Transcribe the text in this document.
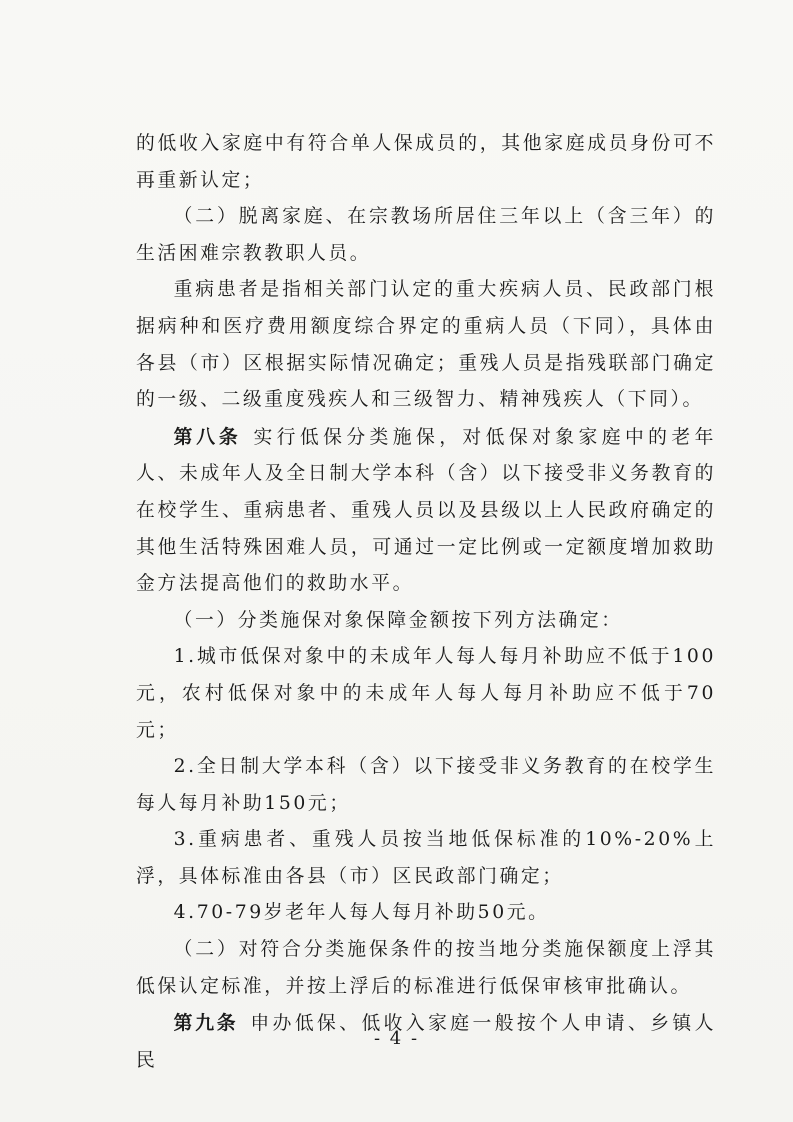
的低收入家庭中有符合单人保成员的，其他家庭成员身份可不再重新认定；

（二）脱离家庭、在宗教场所居住三年以上（含三年）的生活困难宗教教职人员。

重病患者是指相关部门认定的重大疾病人员、民政部门根据病种和医疗费用额度综合界定的重病人员（下同），具体由各县（市）区根据实际情况确定；重残人员是指残联部门确定的一级、二级重度残疾人和三级智力、精神残疾人（下同）。

第八条 实行低保分类施保，对低保对象家庭中的老年人、未成年人及全日制大学本科（含）以下接受非义务教育的在校学生、重病患者、重残人员以及县级以上人民政府确定的其他生活特殊困难人员，可通过一定比例或一定额度增加救助金方法提高他们的救助水平。

（一）分类施保对象保障金额按下列方法确定：

1.城市低保对象中的未成年人每人每月补助应不低于100元，农村低保对象中的未成年人每人每月补助应不低于70元；

2.全日制大学本科（含）以下接受非义务教育的在校学生每人每月补助150元；

3.重病患者、重残人员按当地低保标准的10%-20%上浮，具体标准由各县（市）区民政部门确定；

4.70-79岁老年人每人每月补助50元。

（二）对符合分类施保条件的按当地分类施保额度上浮其低保认定标准，并按上浮后的标准进行低保审核审批确认。

第九条 申办低保、低收入家庭一般按个人申请、乡镇人民

- 4 -
